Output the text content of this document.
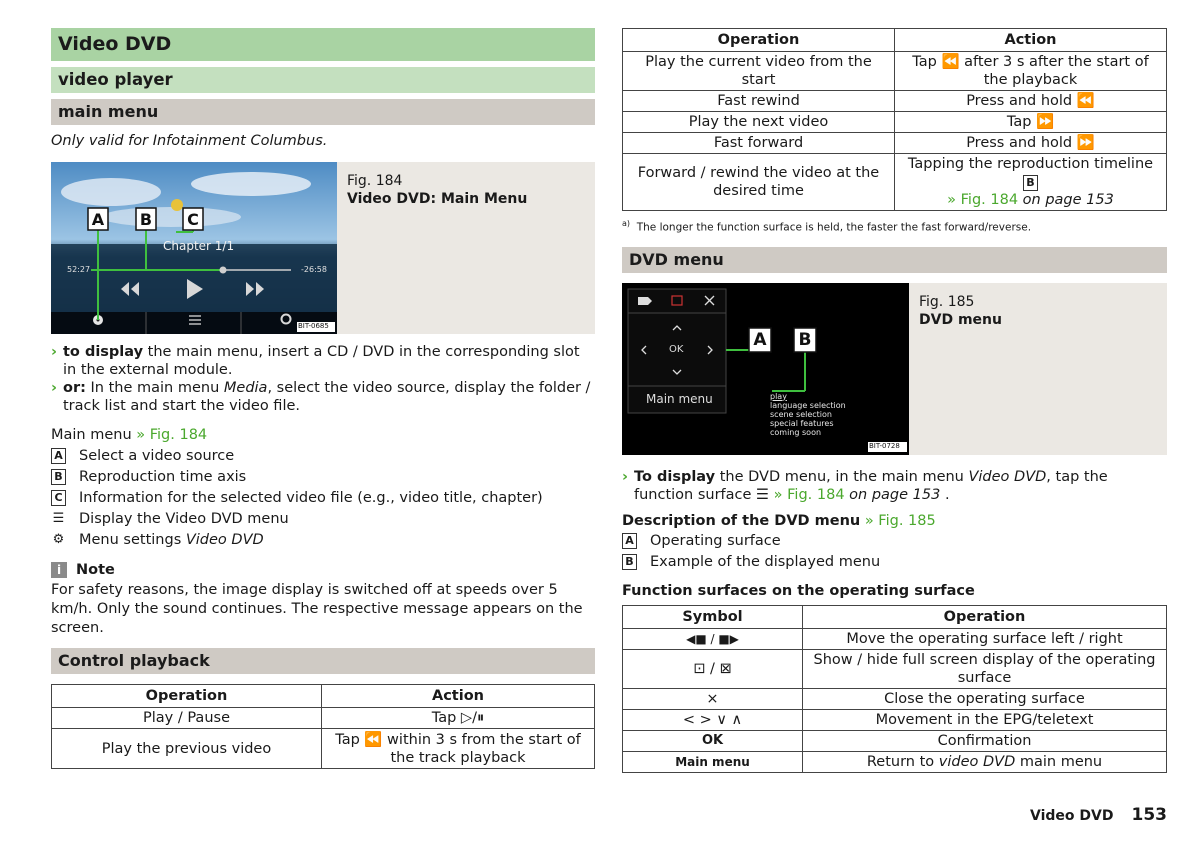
Video DVD
video player
main menu
Only valid for Infotainment Columbus.
A B C
Chapter 1/1
52:27	-26:58
BIT-0685
Fig. 184
Video DVD: Main Menu
› to display the main menu, insert a CD / DVD in the corresponding slot in the external module.
› or: In the main menu Media, select the video source, display the folder / track list and start the video file.
Main menu » Fig. 184
A Select a video source
B Reproduction time axis
C Information for the selected video file (e.g., video title, chapter)
☰ Display the Video DVD menu
⚙ Menu settings
Video DVD
i	Note
For safety reasons, the image display is switched off at speeds over 5 km/h. Only the sound continues. The respective message appears on the screen.
Control playback
Operation	Action
Play / Pause	Tap ▷/⏸
Play the previous video	Tap ⏪ within 3 s from the start of the track playback
Operation	Action
Play the current video from the start	Tap ⏪ after 3 s after the start of the playback
Fast rewind	Press and hold ⏪
Play the next video	Tap ⏩
Fast forward	Press and hold ⏩
Forward / rewind the video at the desired time	Tapping the reproduction timeline B
» Fig. 184 on page 153
$^{a)}$ The longer the function surface is held, the faster the fast forward/reverse.
DVD menu
A B
OK
Main menu	play
language selection
scene selection
special features
coming soon
BIT-0728
Fig. 185
DVD menu
› To display the DVD menu, in the main menu Video DVD, tap the function surface ☰ » Fig. 184 on page 153 .
Description of the DVD menu » Fig. 185
A Operating surface
B Example of the displayed menu
Function surfaces on the operating surface
Symbol	Operation
◀■ / ■▶	Move the operating surface left / right
⊡ / ⊠	Show / hide full screen display of the operating surface
×	Close the operating surface
< > ∨ ∧	Movement in the EPG/teletext
OK	Confirmation
Main menu	Return to video DVD main menu
Video DVD 153
